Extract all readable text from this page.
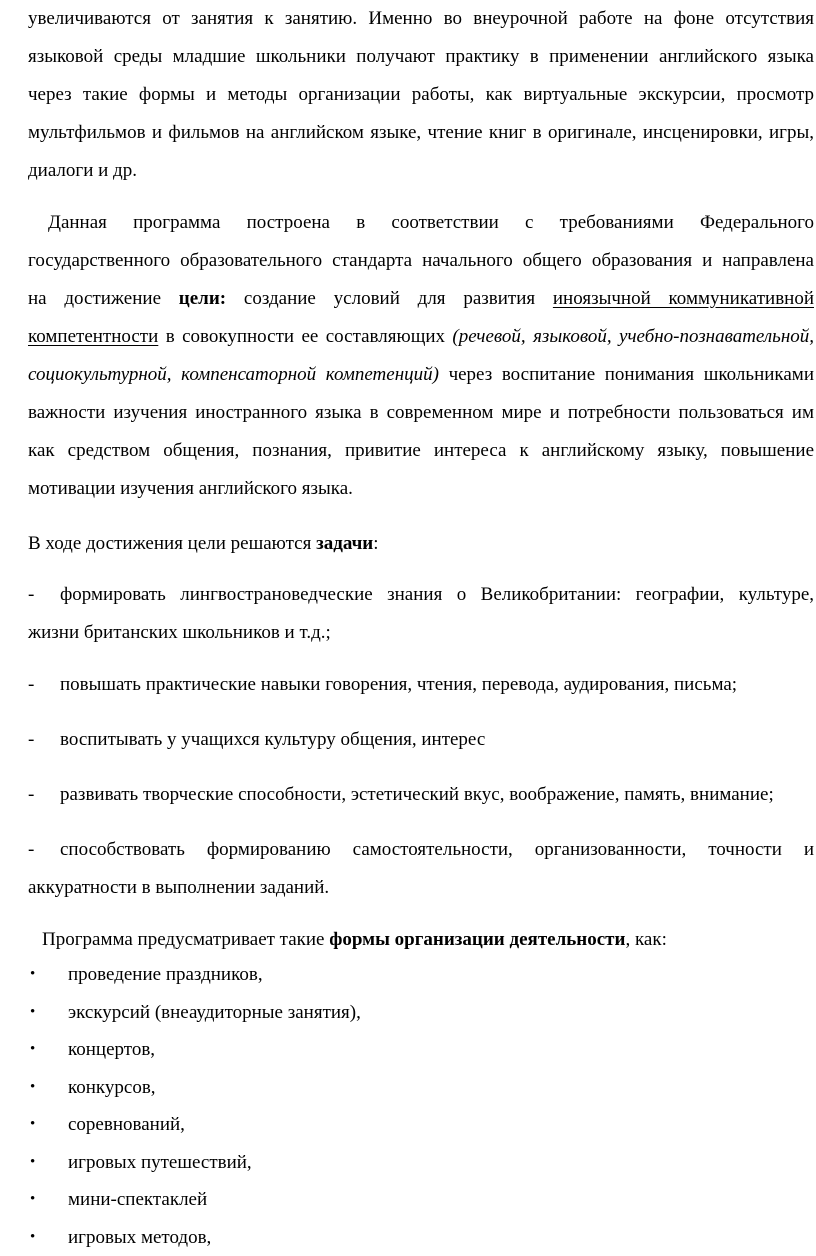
увеличиваются от занятия к занятию. Именно во внеурочной работе на фоне отсутствия
языковой среды младшие школьники получают практику в применении английского языка
через такие формы и методы организации работы, как виртуальные экскурсии, просмотр
мультфильмов и фильмов на английском языке, чтение книг в оригинале, инсценировки, игры,
диалоги и др.
Данная программа построена в соответствии с требованиями Федерального
государственного образовательного стандарта начального общего образования и направлена
на достижение цели: создание условий для развития иноязычной коммуникативной
компетентности в совокупности ее составляющих (речевой, языковой, учебно-познавательной,
социокультурной, компенсаторной компетенций) через воспитание понимания школьниками
важности изучения иностранного языка в современном мире и потребности пользоваться им
как средством общения, познания, привитие интереса к английскому языку, повышение
мотивации изучения английского языка.
В ходе достижения цели решаются задачи:
- формировать лингвострановедческие знания о Великобритании: географии, культуре,
жизни британских школьников и т.д.;
- повышать практические навыки говорения, чтения, перевода, аудирования, письма;
- воспитывать у учащихся культуру общения, интерес
- развивать творческие способности, эстетический вкус, воображение, память, внимание;
- способствовать формированию самостоятельности, организованности, точности и
аккуратности в выполнении заданий.
Программа предусматривает такие формы организации деятельности, как:
• проведение праздников,
• экскурсий (внеаудиторные занятия),
• концертов,
• конкурсов,
• соревнований,
• игровых путешествий,
• мини-спектаклей
• игровых методов,
